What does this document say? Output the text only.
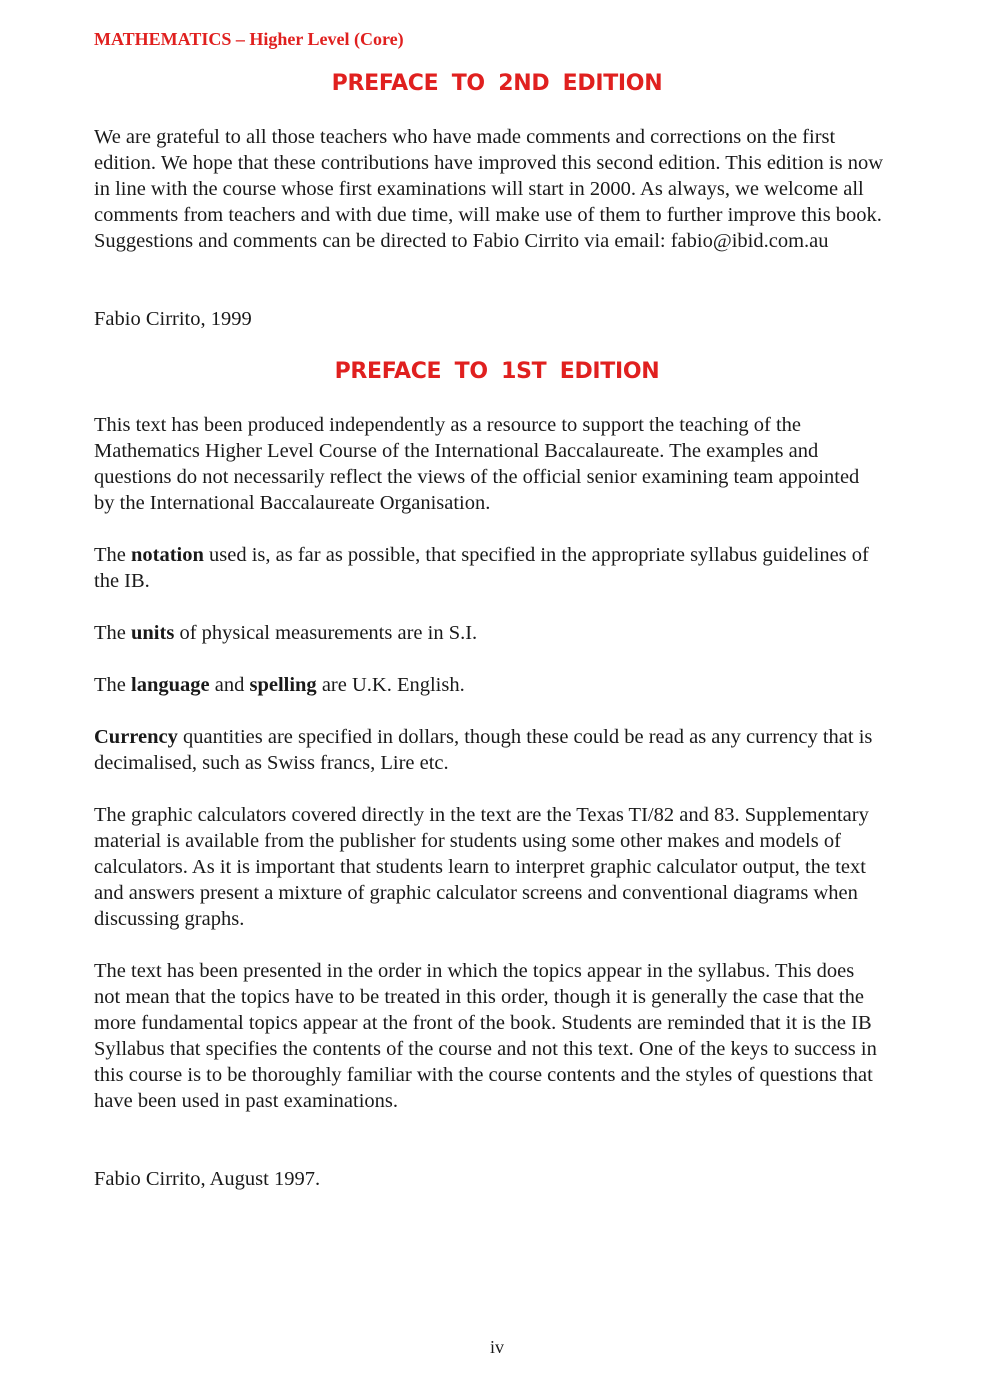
MATHEMATICS – Higher Level (Core)
PREFACE TO 2ND EDITION

We are grateful to all those teachers who have made comments and corrections on the first edition. We hope that these contributions have improved this second edition. This edition is now in line with the course whose first examinations will start in 2000. As always, we welcome all comments from teachers and with due time, will make use of them to further improve this book. Suggestions and comments can be directed to Fabio Cirrito via email: fabio@ibid.com.au

Fabio Cirrito, 1999

PREFACE TO 1ST EDITION

This text has been produced independently as a resource to support the teaching of the Mathematics Higher Level Course of the International Baccalaureate. The examples and questions do not necessarily reflect the views of the official senior examining team appointed by the International Baccalaureate Organisation.

The notation used is, as far as possible, that specified in the appropriate syllabus guidelines of the IB.

The units of physical measurements are in S.I.

The language and spelling are U.K. English.

Currency quantities are specified in dollars, though these could be read as any currency that is decimalised, such as Swiss francs, Lire etc.

The graphic calculators covered directly in the text are the Texas TI/82 and 83. Supplementary material is available from the publisher for students using some other makes and models of calculators. As it is important that students learn to interpret graphic calculator output, the text and answers present a mixture of graphic calculator screens and conventional diagrams when discussing graphs.

The text has been presented in the order in which the topics appear in the syllabus. This does not mean that the topics have to be treated in this order, though it is generally the case that the more fundamental topics appear at the front of the book. Students are reminded that it is the IB Syllabus that specifies the contents of the course and not this text. One of the keys to success in this course is to be thoroughly familiar with the course contents and the styles of questions that have been used in past examinations.

Fabio Cirrito, August 1997.

iv
